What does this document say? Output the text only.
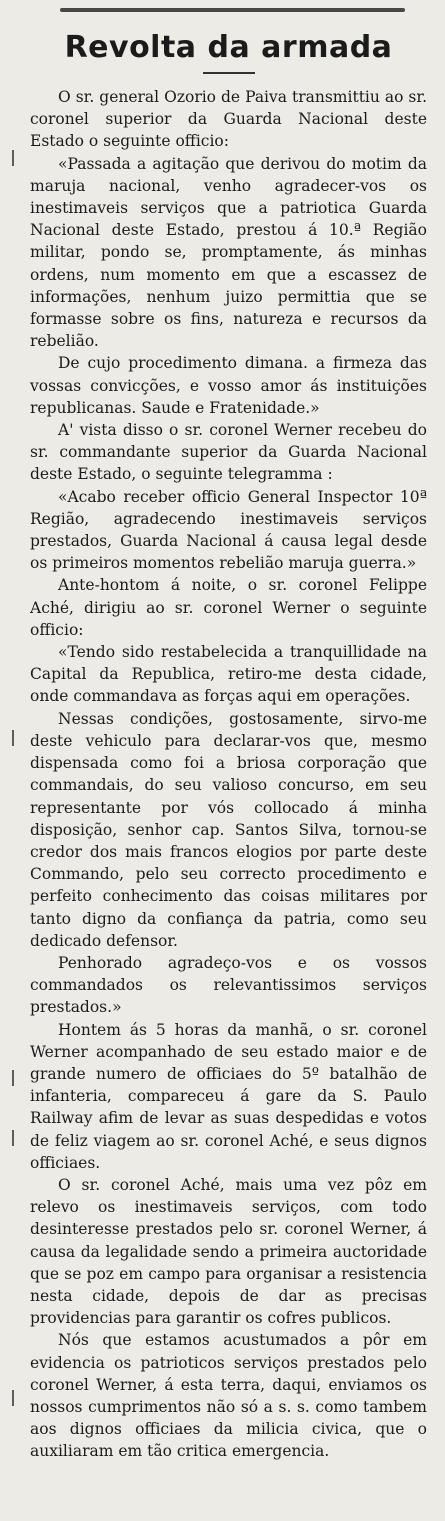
Revolta da armada

O sr. general Ozorio de Paiva transmittiu ao sr. coronel superior da Guarda Nacional deste Estado o seguinte officio:

«Passada a agitação que derivou do motim da maruja nacional, venho agradecer-vos os inestimaveis serviços que a patriotica Guarda Nacional deste Estado, prestou á 10.ª Região militar, pondo se, promptamente, ás minhas ordens, num momento em que a escassez de informações, nenhum juizo permittia que se formasse sobre os fins, natureza e recursos da rebelião.

De cujo procedimento dimana. a firmeza das vossas convicções, e vosso amor ás instituições republicanas. Saude e Fratenidade.»

A' vista disso o sr. coronel Werner recebeu do sr. commandante superior da Guarda Nacional deste Estado, o seguinte telegramma :

«Acabo receber officio General Inspector 10ª Região, agradecendo inestimaveis serviços prestados, Guarda Nacional á causa legal desde os primeiros momentos rebelião maruja guerra.»

Ante-hontom á noite, o sr. coronel Felippe Aché, dirigiu ao sr. coronel Werner o seguinte officio:

«Tendo sido restabelecida a tranquillidade na Capital da Republica, retiro-me desta cidade, onde commandava as forças aqui em operações.

Nessas condições, gostosamente, sirvo-me deste vehiculo para declarar-vos que, mesmo dispensada como foi a briosa corporação que commandais, do seu valioso concurso, em seu representante por vós collocado á minha disposição, senhor cap. Santos Silva, tornou-se credor dos mais francos elogios por parte deste Commando, pelo seu correcto procedimento e perfeito conhecimento das coisas militares por tanto digno da confiança da patria, como seu dedicado defensor.

Penhorado agradeço-vos e os vossos commandados os relevantissimos serviços prestados.»

Hontem ás 5 horas da manhã, o sr. coronel Werner acompanhado de seu estado maior e de grande numero de officiaes do 5º batalhão de infanteria, compareceu á gare da S. Paulo Railway afim de levar as suas despedidas e votos de feliz viagem ao sr. coronel Aché, e seus dignos officiaes.

O sr. coronel Aché, mais uma vez pôz em relevo os inestimaveis serviços, com todo desinteresse prestados pelo sr. coronel Werner, á causa da legalidade sendo a primeira auctoridade que se poz em campo para organisar a resistencia nesta cidade, depois de dar as precisas providencias para garantir os cofres publicos.

Nós que estamos acustumados a pôr em evidencia os patrioticos serviços prestados pelo coronel Werner, á esta terra, daqui, enviamos os nossos cumprimentos não só a s. s. como tambem aos dignos officiaes da milicia civica, que o auxiliaram em tão critica emergencia.
